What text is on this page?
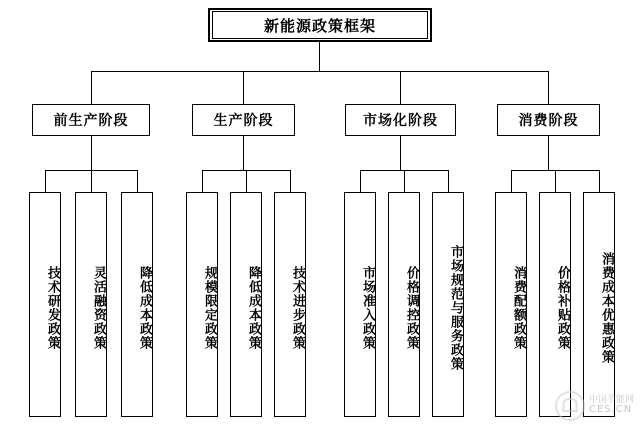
新能源政策框架
前生产阶段
技术研发政策 灵活融资政策 降低成本政策
生产阶段
规模限定政策 降低成本政策 技术进步政策
市场化阶段
市场准入政策 价格调控政策 市场规范与服务政策
消费阶段
消费配额政策 价格补贴政策 消费成本优惠政策
中国节能网
CES.CN
